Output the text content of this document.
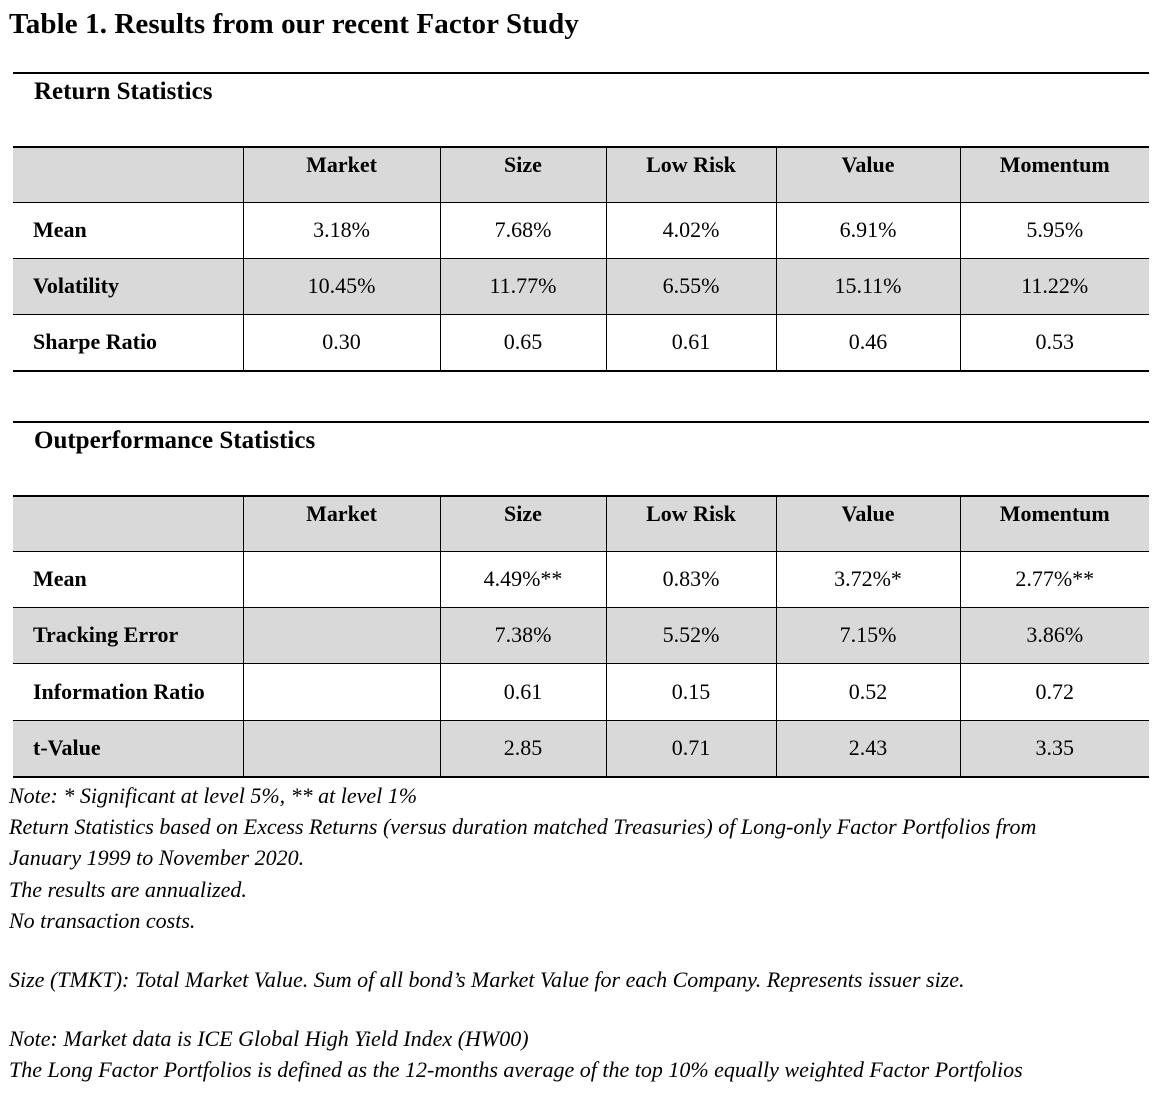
Table 1. Results from our recent Factor Study
Return Statistics
	Market	Size	Low Risk	Value	Momentum
Mean	3.18%	7.68%	4.02%	6.91%	5.95%
Volatility	10.45%	11.77%	6.55%	15.11%	11.22%
Sharpe Ratio	0.30	0.65	0.61	0.46	0.53
Outperformance Statistics
	Market	Size	Low Risk	Value	Momentum
Mean		4.49%**	0.83%	3.72%*	2.77%**
Tracking Error		7.38%	5.52%	7.15%	3.86%
Information Ratio		0.61	0.15	0.52	0.72
t-Value		2.85	0.71	2.43	3.35
Note: * Significant at level 5%, ** at level 1%
Return Statistics based on Excess Returns (versus duration matched Treasuries) of Long-only Factor Portfolios from
January 1999 to November 2020.
The results are annualized.
No transaction costs.
Size (TMKT): Total Market Value. Sum of all bond’s Market Value for each Company. Represents issuer size.
Note: Market data is ICE Global High Yield Index (HW00)
The Long Factor Portfolios is defined as the 12-months average of the top 10% equally weighted Factor Portfolios
